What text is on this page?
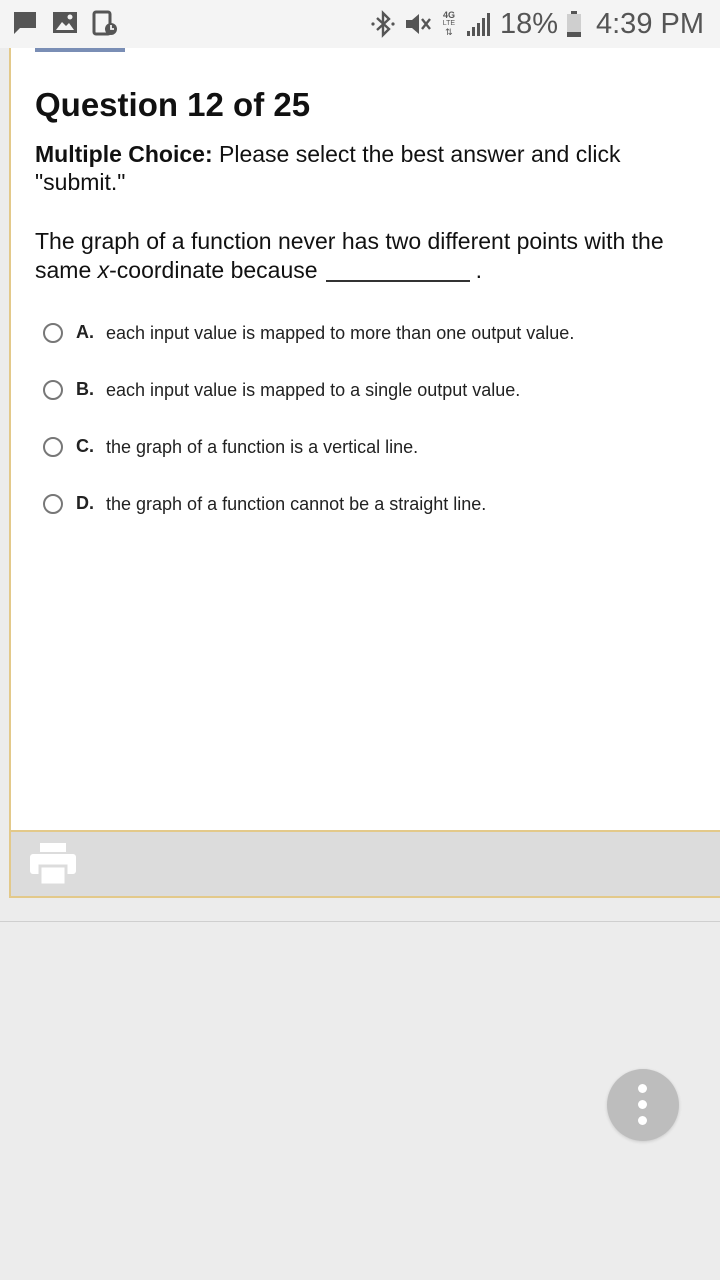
4G
LTE
⇅ 18% 4:39 PM
Question 12 of 25
Multiple Choice: Please select the best answer and click "submit."
The graph of a function never has two different points with the same x-coordinate because	.
A. each input value is mapped to more than one output value.
B. each input value is mapped to a single output value.
C. the graph of a function is a vertical line.
D. the graph of a function cannot be a straight line.
